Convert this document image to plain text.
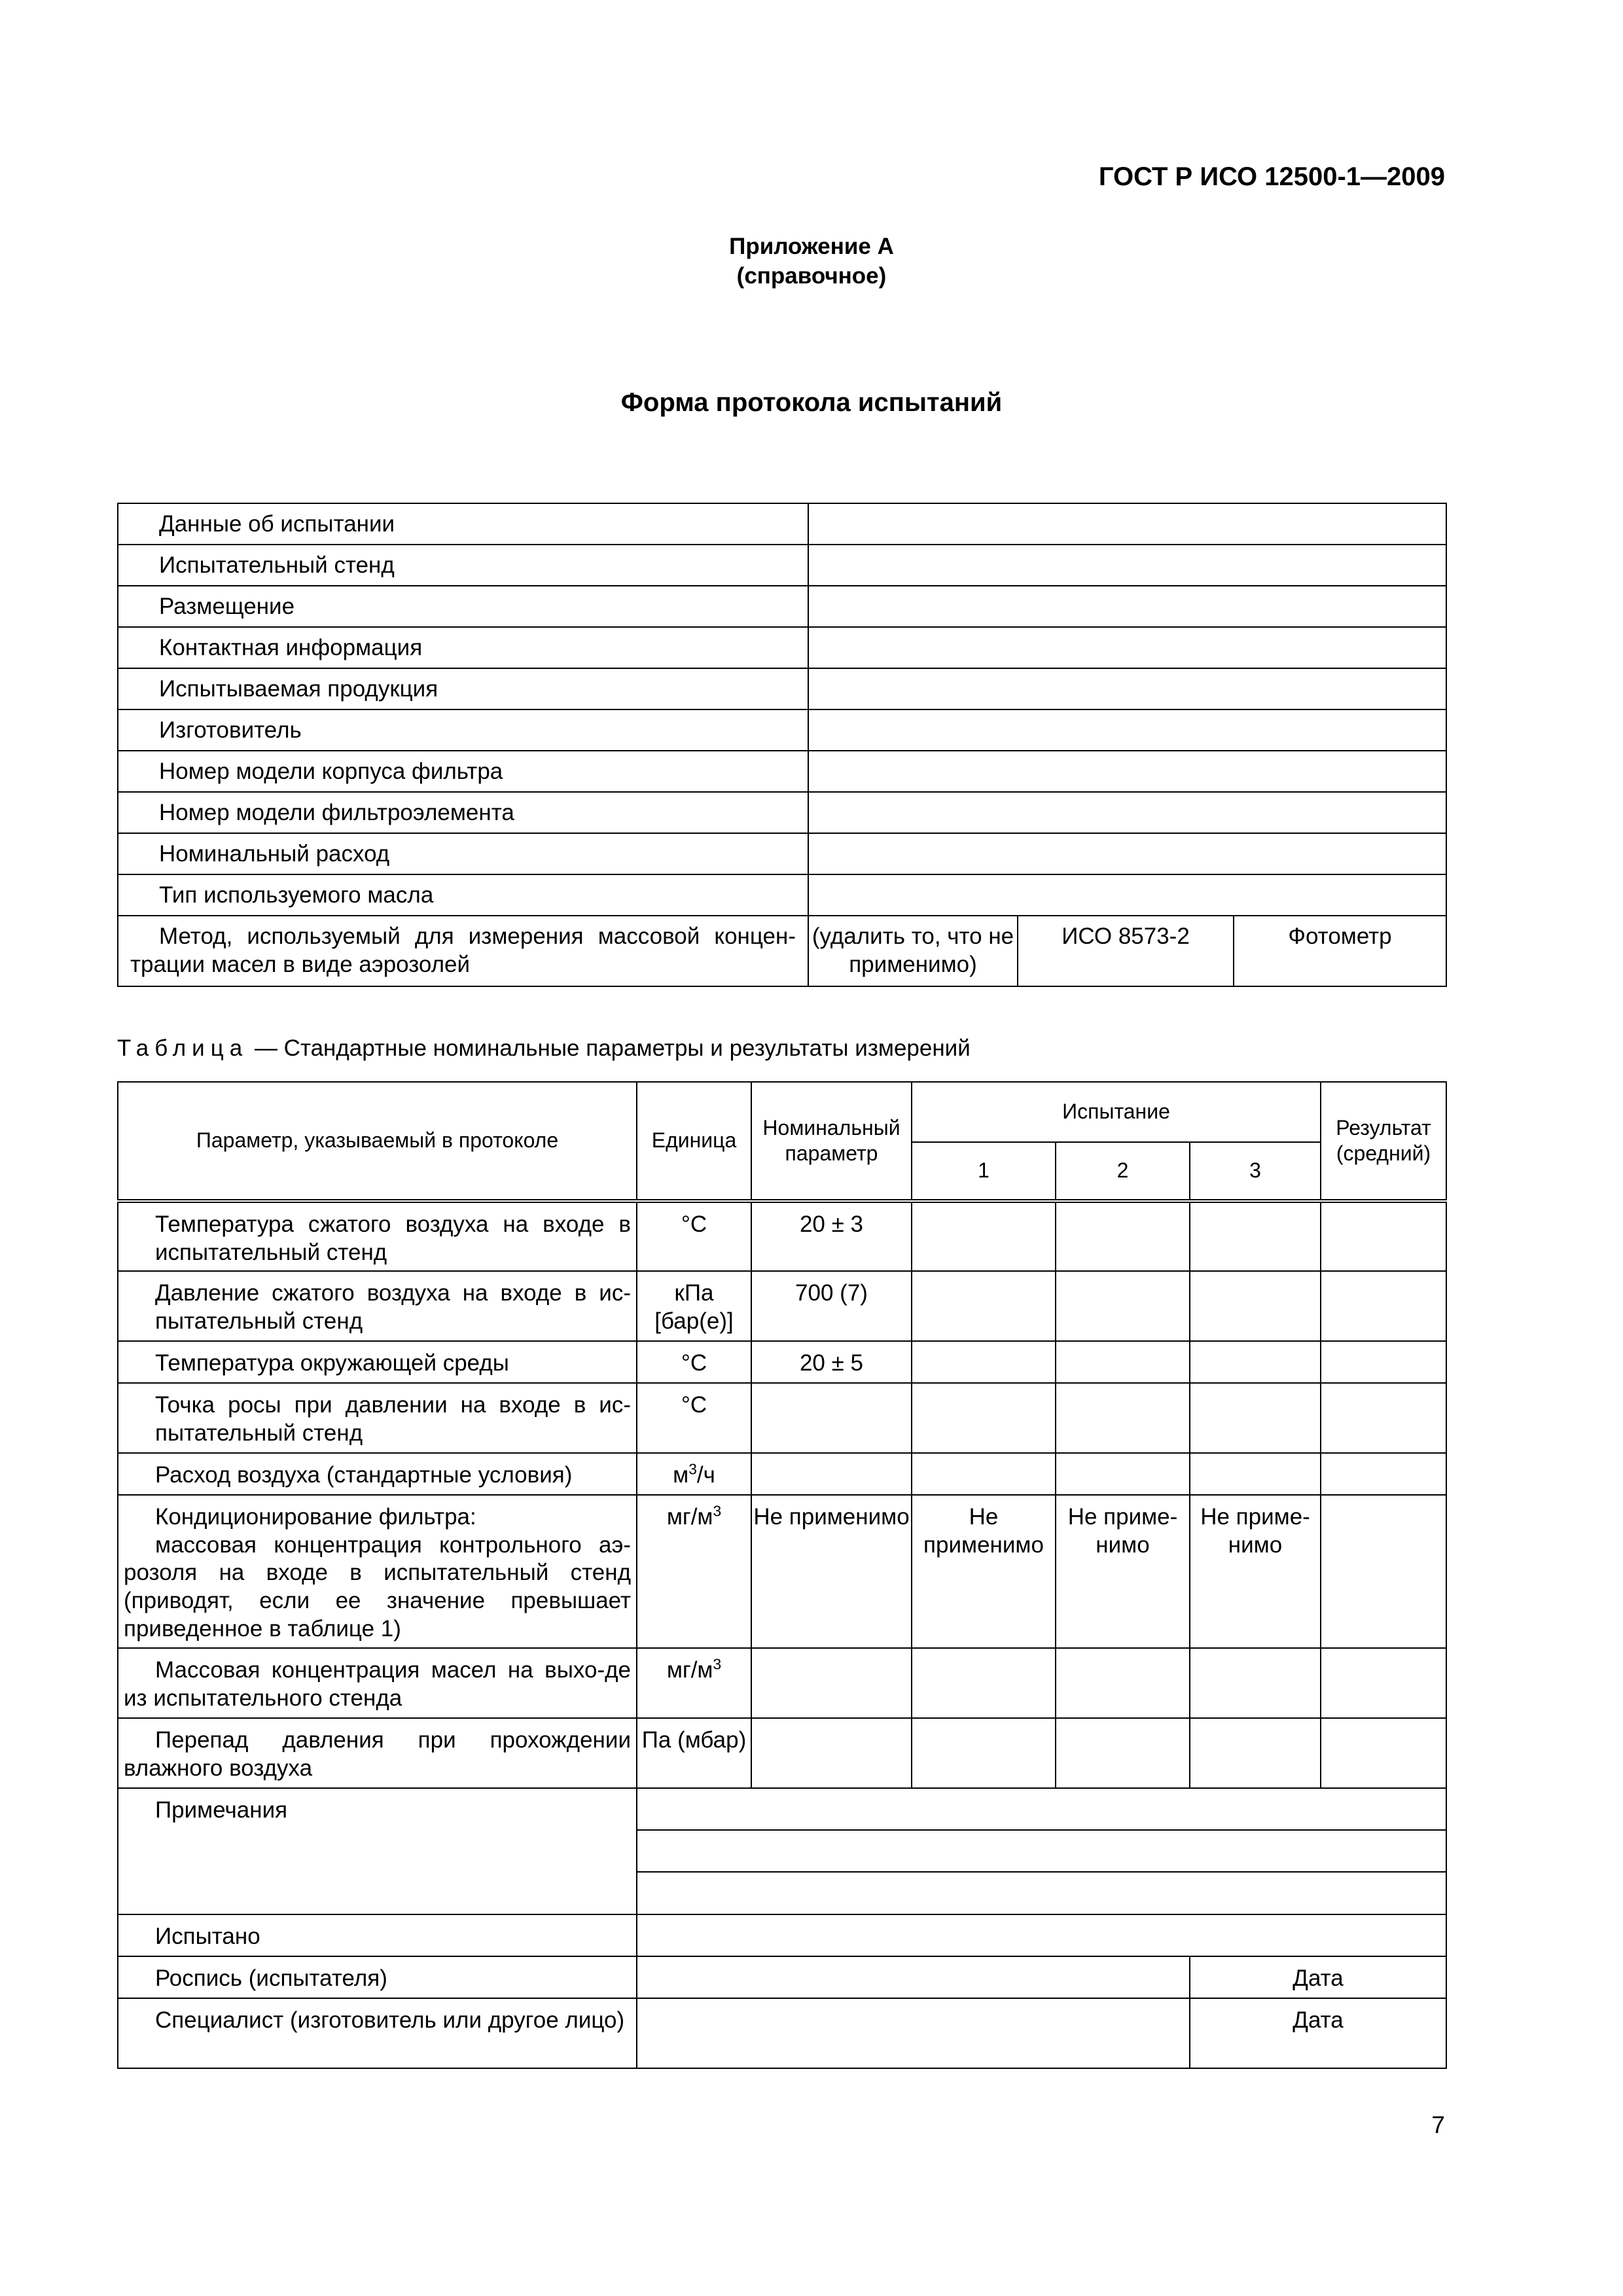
ГОСТ Р ИСО 12500-1—2009
Приложение А
(справочное)
Форма протокола испытаний
Данные об испытании			
Испытательный стенд			
Размещение			
Контактная информация			
Испытываемая продукция			
Изготовитель			
Номер модели корпуса фильтра			
Номер модели фильтроэлемента			
Номинальный расход			
Тип используемого масла			
Метод, используемый для измерения массовой концен-трации масел в виде аэрозолей	(удалить то, что не применимо)	ИСО 8573-2	Фотометр
Таблица — Стандартные номинальные параметры и результаты измерений
Параметр, указываемый в протоколе	Единица	Номинальный параметр	Испытание			Результат (средний)
			1	2	3	
Температура сжатого воздуха на входе в испытательный стенд	°С	20 ± 3				
Давление сжатого воздуха на входе в ис-пытательный стенд	кПа [бар(е)]	700 (7)				
Температура окружающей среды	°С	20 ± 5				
Точка росы при давлении на входе в ис-пытательный стенд	°С					
Расход воздуха (стандартные условия)	$м^3/ч$					

Кондиционирование фильтра:
массовая концентрация контрольного аэ-розоля на входе в испытательный стенд (приводят, если ее значение превышает приведенное в таблице 1)	$мг/м^3$	Не применимо	Не применимо	Не приме-нимо	Не приме-нимо	
Массовая концентрация масел на выхо-де из испытательного стенда	$мг/м^3$					
Перепад давления при прохождении влажного воздуха	Па (мбар)					
Примечания						

Испытано						
Роспись (испытателя)					Дата	
Специалист (изготовитель или другое лицо)					Дата	
7
